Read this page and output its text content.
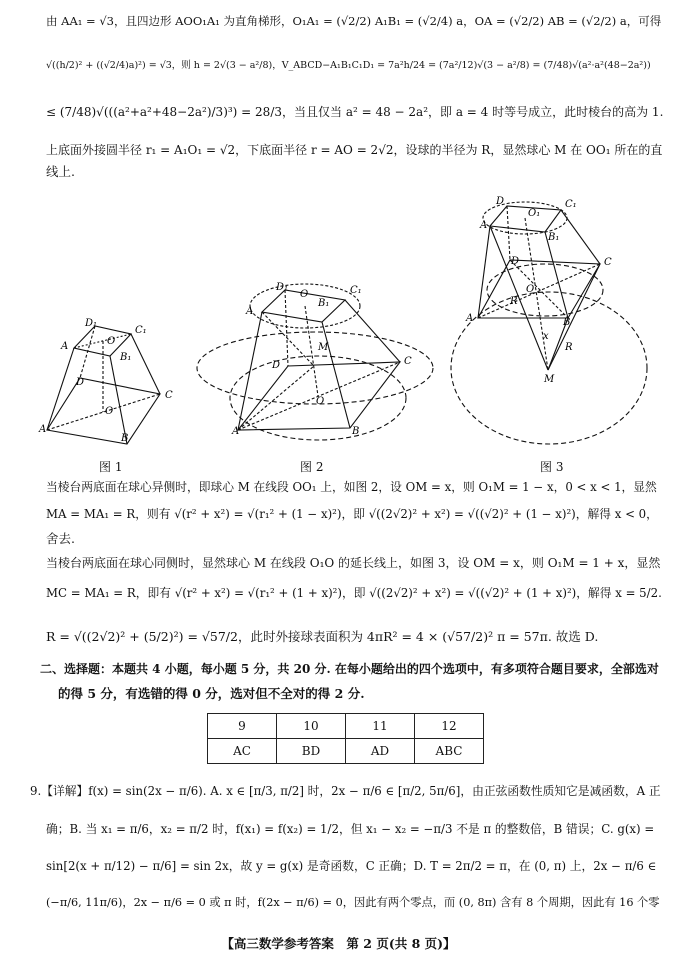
由 AA₁ = √3，且四边形 AOO₁A₁ 为直角梯形，O₁A₁ = (√2/2) A₁B₁ = (√2/4) a，OA = (√2/2) AB = (√2/2) a，可得
√((h/2)² + ((√2/4)a)²) = √3，则 h = 2√(3 − a²/8)，V_ABCD−A₁B₁C₁D₁ = 7a²h/24 = (7a²/12)√(3 − a²/8) = (7/48)√(a²·a²(48−2a²))
≤ (7/48)√(((a²+a²+48−2a²)/3)³) = 28/3，当且仅当 a² = 48 − 2a²，即 a = 4 时等号成立，此时棱台的高为 1.
上底面外接圆半径 r₁ = A₁O₁ = √2，下底面半径 r = AO = 2√2，设球的半径为 R，显然球心 M 在 OO₁ 所在的直
线上.
D₁
C₁
A	O
B₁
D
C
O
A
B
D₁
O	C₁
A
B₁
M
D	C
O
A	B
D
O₁
C₁
A
B₁
D	C
O
R
A	B
x
R
M
图 1	图 2	图 3
当棱台两底面在球心异侧时，即球心 M 在线段 OO₁ 上，如图 2，设 OM = x，则 O₁M = 1 − x，0 < x < 1，显然
MA = MA₁ = R，则有 √(r² + x²) = √(r₁² + (1 − x)²)，即 √((2√2)² + x²) = √((√2)² + (1 − x)²)，解得 x < 0，
舍去.
当棱台两底面在球心同侧时，显然球心 M 在线段 O₁O 的延长线上，如图 3，设 OM = x，则 O₁M = 1 + x，显然
MC = MA₁ = R，即有 √(r² + x²) = √(r₁² + (1 + x)²)，即 √((2√2)² + x²) = √((√2)² + (1 + x)²)，解得 x = 5/2.
R = √((2√2)² + (5/2)²) = √57/2，此时外接球表面积为 4πR² = 4 × (√57/2)² π = 57π. 故选 D.
二、选择题：本题共 4 小题，每小题 5 分，共 20 分. 在每小题给出的四个选项中，有多项符合题目要求，全部选对
的得 5 分，有选错的得 0 分，选对但不全对的得 2 分.
9	10	11	12
AC	BD	AD	ABC
9.【详解】f(x) = sin(2x − π/6). A. x ∈ [π/3, π/2] 时，2x − π/6 ∈ [π/2, 5π/6]，由正弦函数性质知它是减函数，A 正
确；B. 当 x₁ = π/6，x₂ = π/2 时，f(x₁) = f(x₂) = 1/2，但 x₁ − x₂ = −π/3 不是 π 的整数倍，B 错误；C. g(x) =
sin[2(x + π/12) − π/6] = sin 2x，故 y = g(x) 是奇函数，C 正确；D. T = 2π/2 = π，在 (0, π) 上，2x − π/6 ∈
(−π/6, 11π/6)，2x − π/6 = 0 或 π 时，f(2x − π/6) = 0，因此有两个零点，而 (0, 8π) 含有 8 个周期，因此有 16 个零
【高三数学参考答案　第 2 页(共 8 页)】
